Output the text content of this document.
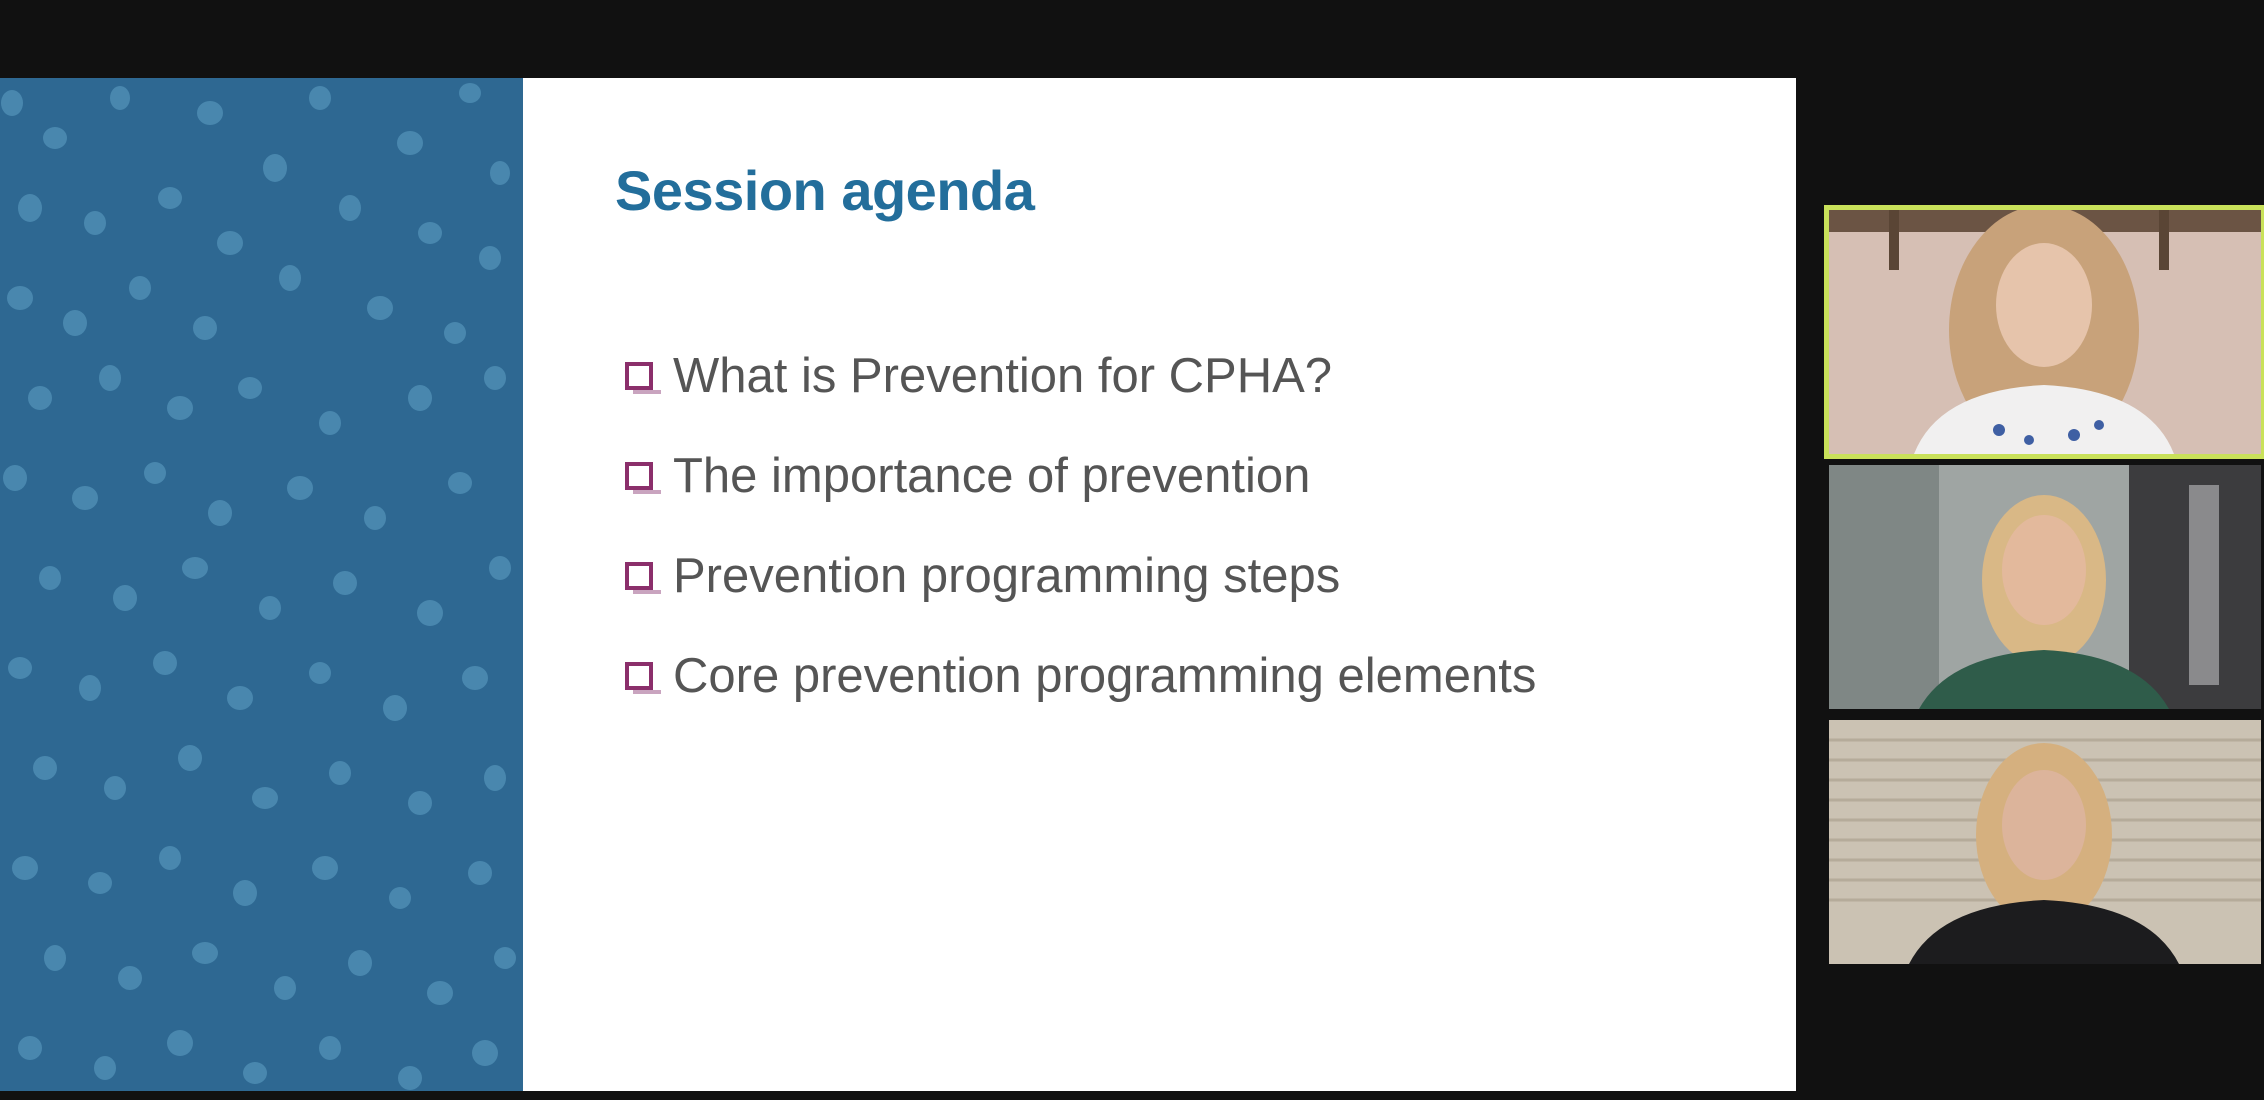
Session agenda
What is Prevention for CPHA?
The importance of prevention
Prevention programming steps
Core prevention programming elements
